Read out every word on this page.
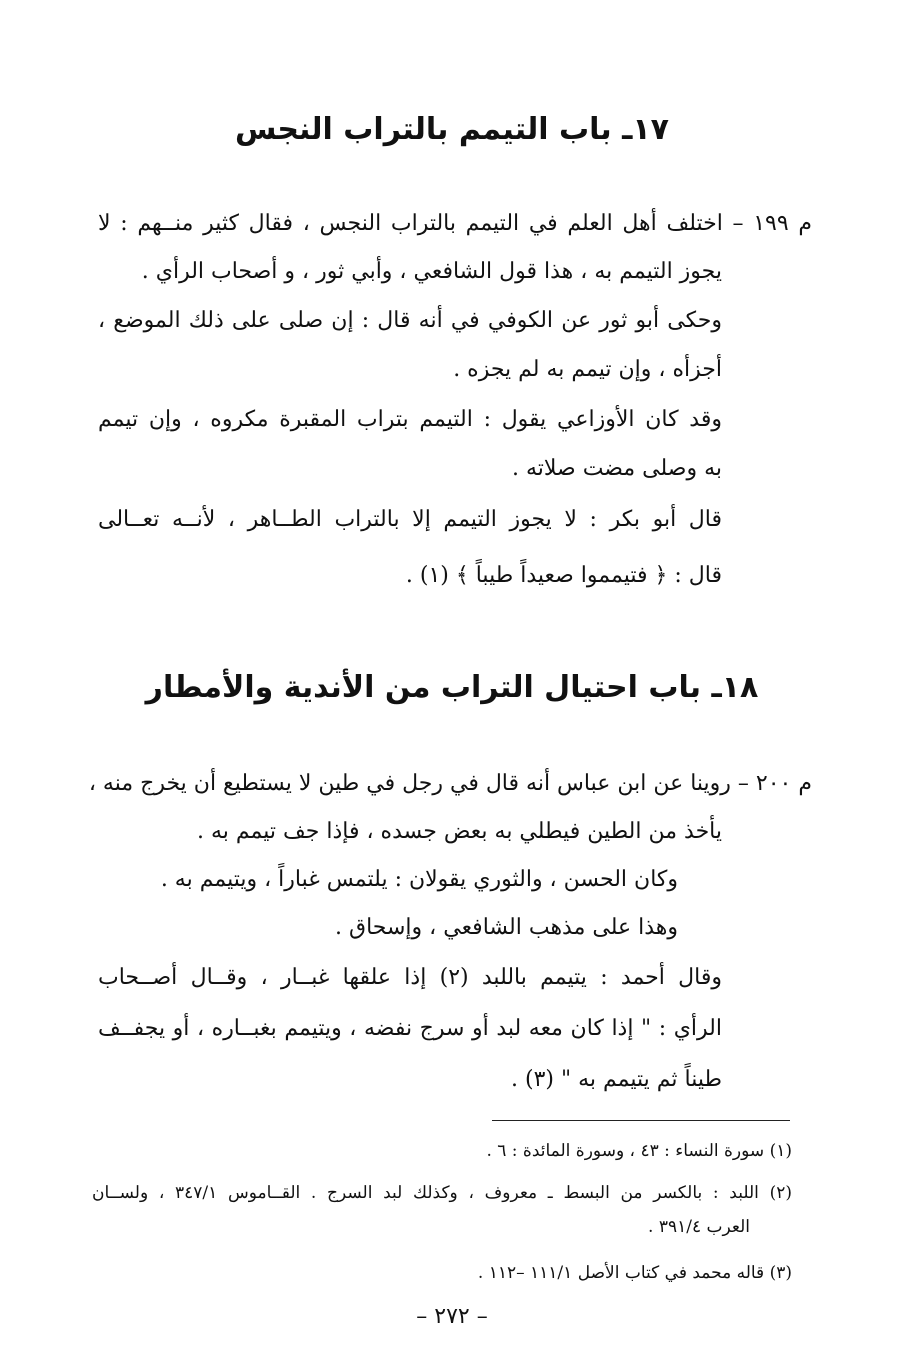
١٧ـ باب التيمم بالتراب النجس
م ١٩٩ – اختلف أهل العلم في التيمم بالتراب النجس ، فقال كثير منــهم : لا
يجوز التيمم به ، هذا قول الشافعي ، وأبي ثور ، و أصحاب الرأي .
وحكى أبو ثور عن الكوفي في أنه قال : إن صلى على ذلك الموضع ،
أجزأه ، وإن تيمم به لم يجزه .
وقد كان الأوزاعي يقول : التيمم بتراب المقبرة مكروه ، وإن تيمم
به وصلى مضت صلاته .
قال أبو بكر : لا يجوز التيمم إلا بالتراب الطــاهر ، لأنــه تعــالى
قال : ﴿ فتيمموا صعيداً طيباً ﴾ (١) .
١٨ـ باب احتيال التراب من الأندية والأمطار
م ٢٠٠ – روينا عن ابن عباس أنه قال في رجل في طين لا يستطيع أن يخرج منه ،
يأخذ من الطين فيطلي به بعض جسده ، فإذا جف تيمم به .
وكان الحسن ، والثوري يقولان : يلتمس غباراً ، ويتيمم به .
وهذا على مذهب الشافعي ، وإسحاق .
وقال أحمد : يتيمم باللبد (٢) إذا علقها غبــار ، وقــال أصــحاب
الرأي : " إذا كان معه لبد أو سرج نفضه ، ويتيمم بغبــاره ، أو يجفــف
طيناً ثم يتيمم به " (٣) .
(١) سورة النساء : ٤٣ ، وسورة المائدة : ٦ .
(٢) اللبد : بالكسر من البسط ـ معروف ، وكذلك لبد السرج . القــاموس ٣٤٧/١ ، ولســان
العرب ٣٩١/٤ .
(٣) قاله محمد في كتاب الأصل ١١١/١ –١١٢ .
– ٢٧٢ –
